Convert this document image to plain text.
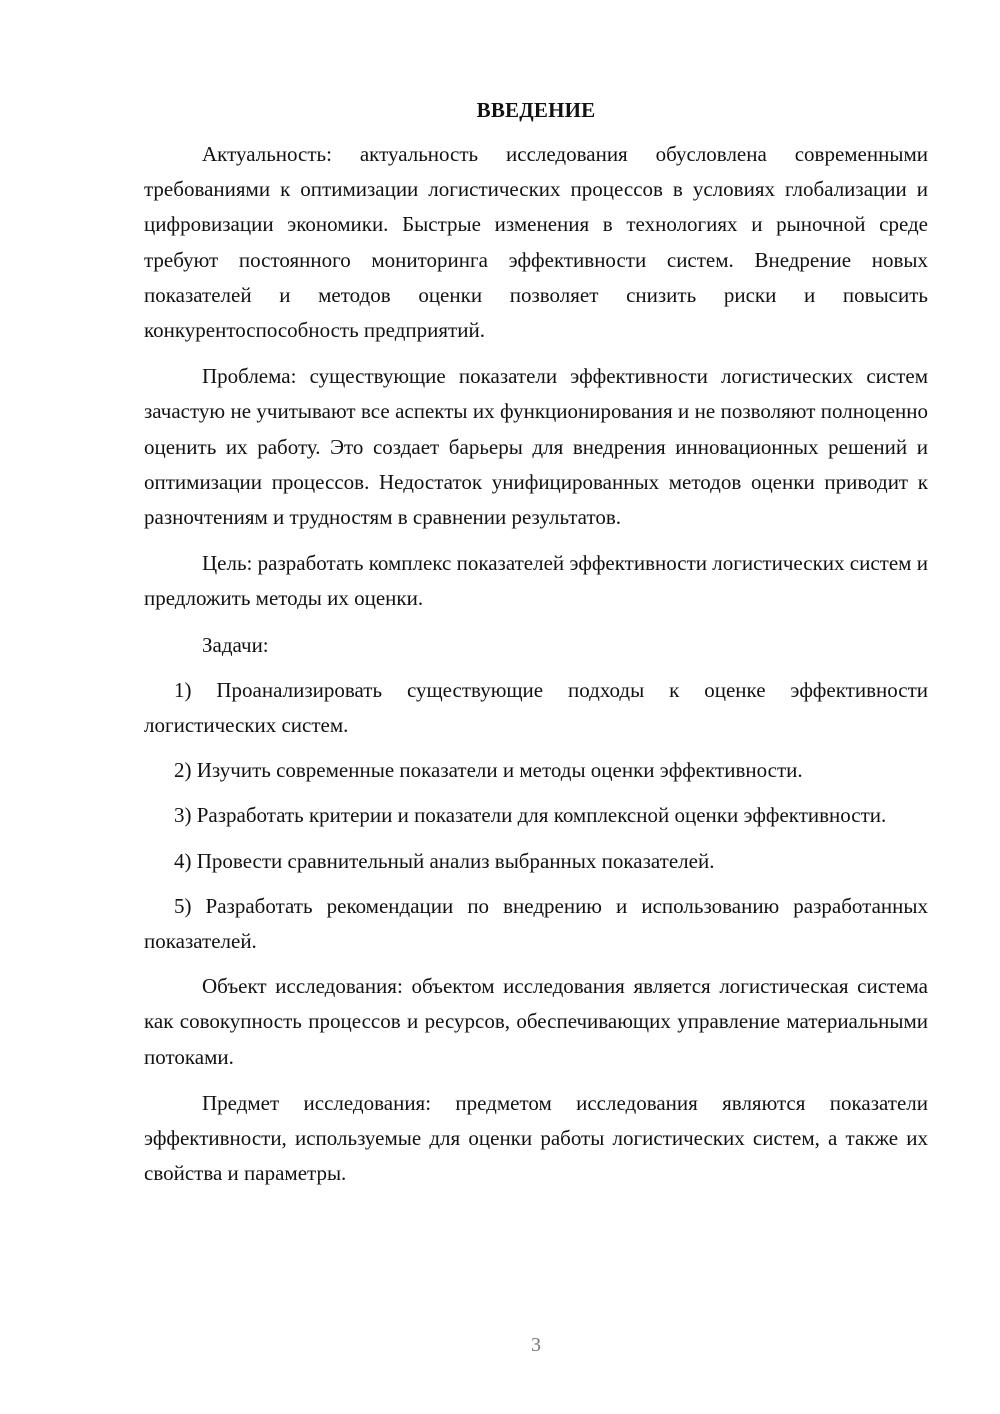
ВВЕДЕНИЕ

Актуальность: актуальность исследования обусловлена современными требованиями к оптимизации логистических процессов в условиях глобализации и цифровизации экономики. Быстрые изменения в технологиях и рыночной среде требуют постоянного мониторинга эффективности систем. Внедрение новых показателей и методов оценки позволяет снизить риски и повысить конкурентоспособность предприятий.

Проблема: существующие показатели эффективности логистических систем зачастую не учитывают все аспекты их функционирования и не позволяют полноценно оценить их работу. Это создает барьеры для внедрения инновационных решений и оптимизации процессов. Недостаток унифицированных методов оценки приводит к разночтениям и трудностям в сравнении результатов.

Цель: разработать комплекс показателей эффективности логистических систем и предложить методы их оценки.

Задачи:

1) Проанализировать существующие подходы к оценке эффективности логистических систем.

2) Изучить современные показатели и методы оценки эффективности.

3) Разработать критерии и показатели для комплексной оценки эффективности.

4) Провести сравнительный анализ выбранных показателей.

5) Разработать рекомендации по внедрению и использованию разработанных показателей.

Объект исследования: объектом исследования является логистическая система как совокупность процессов и ресурсов, обеспечивающих управление материальными потоками.

Предмет исследования: предметом исследования являются показатели эффективности, используемые для оценки работы логистических систем, а также их свойства и параметры.

3
